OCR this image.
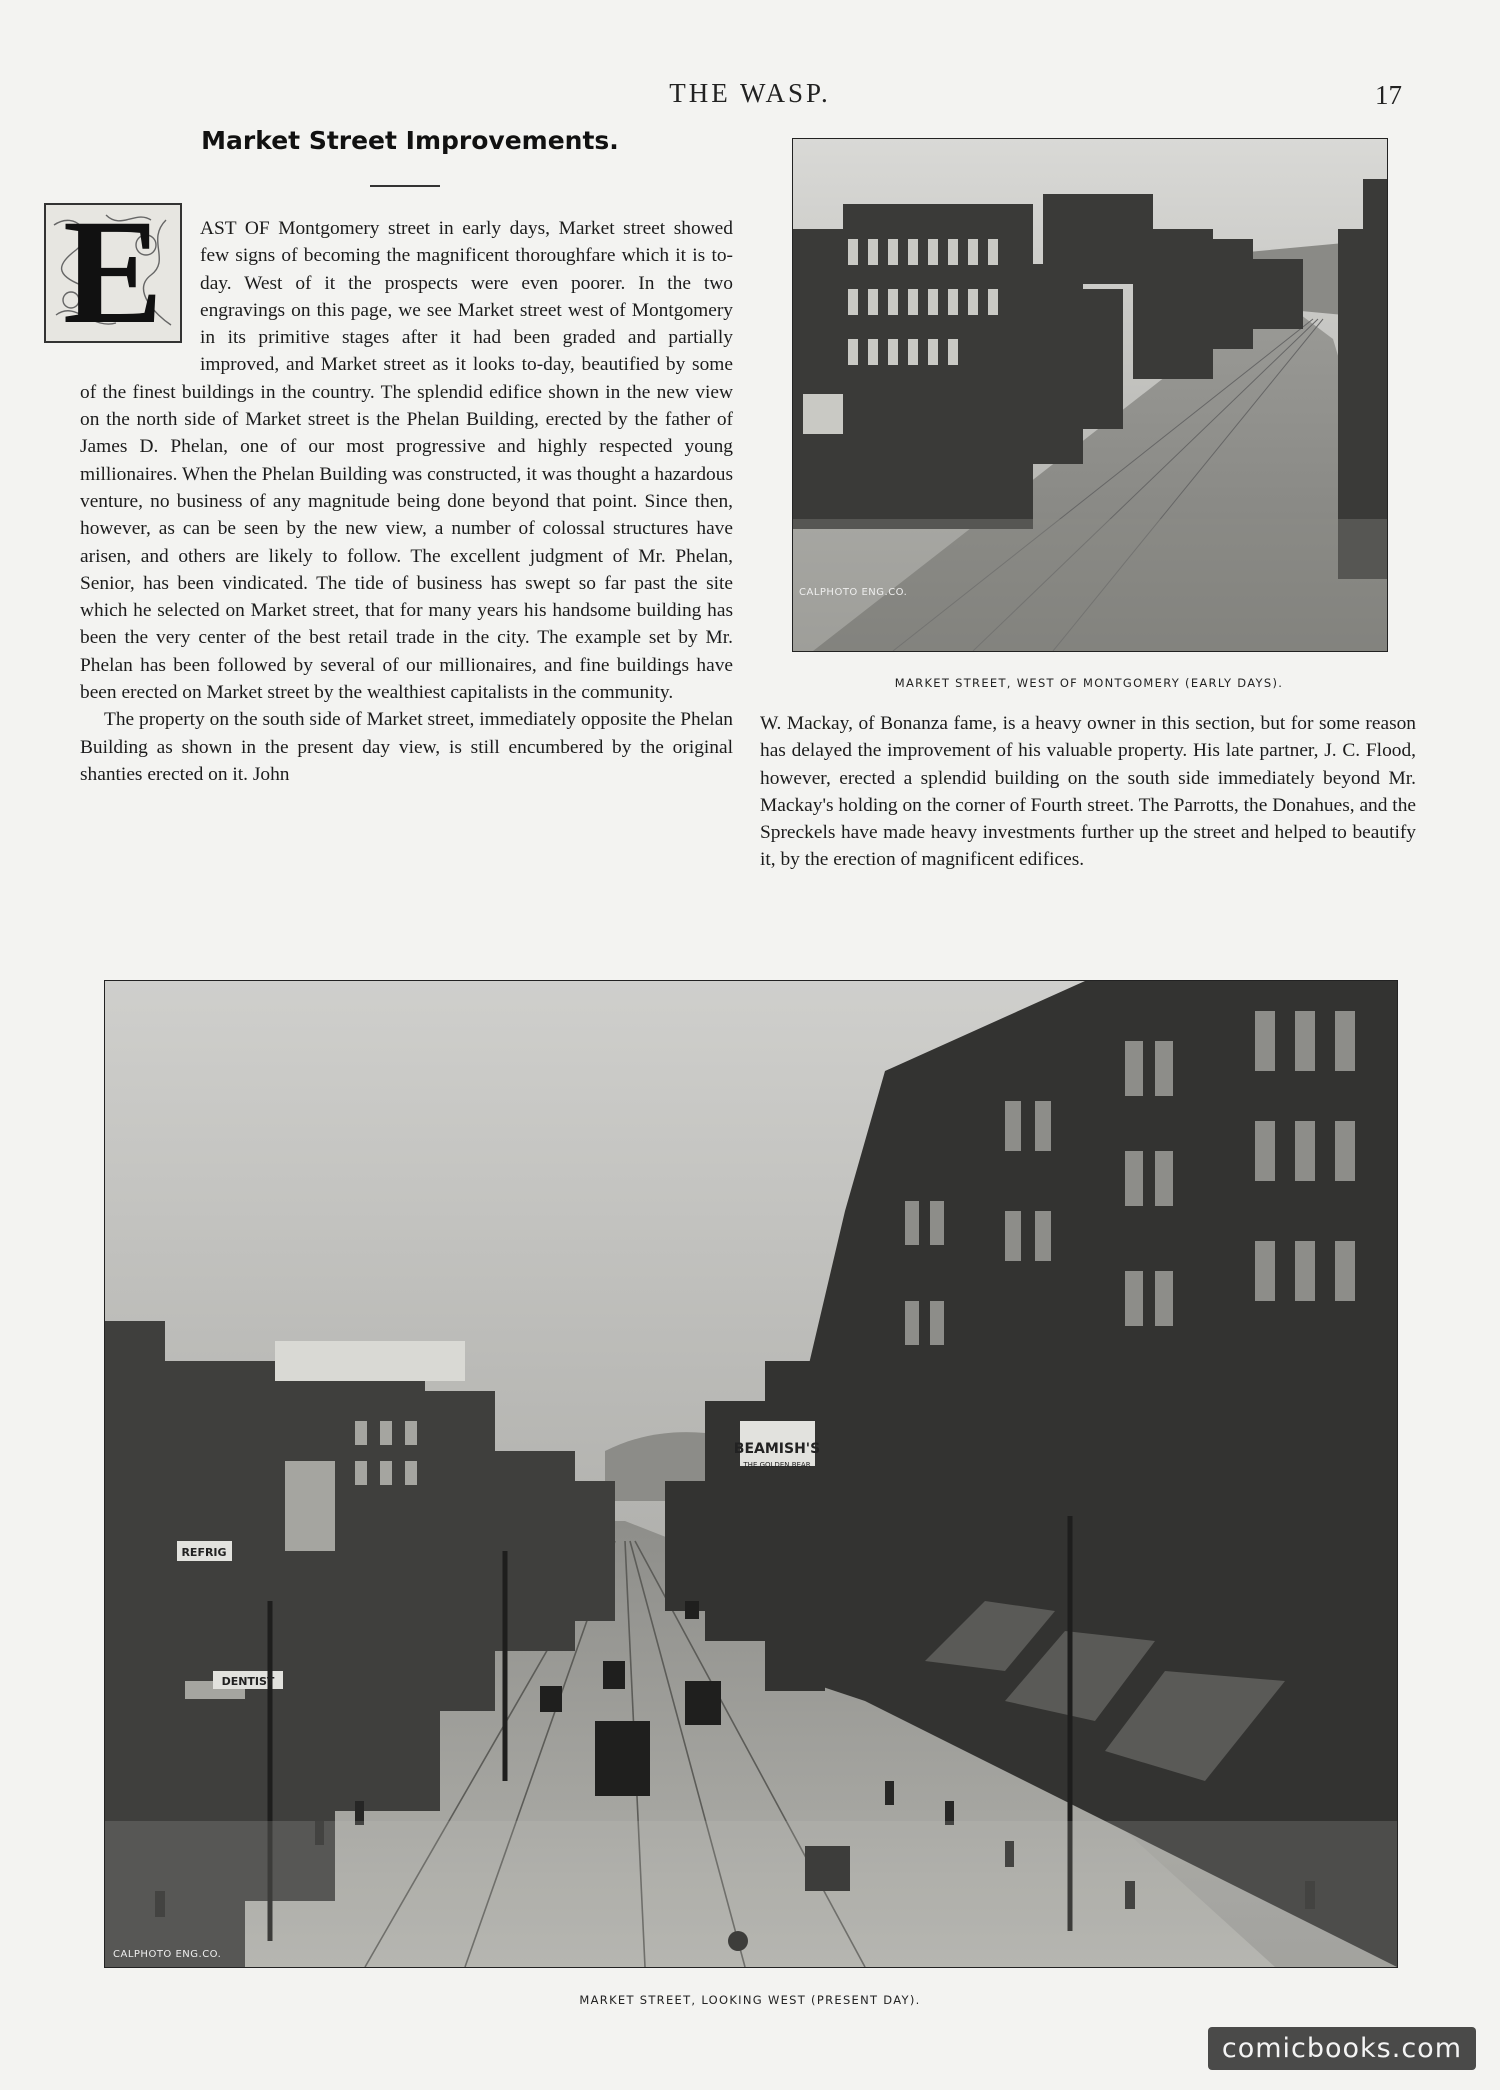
THE WASP.	17
Market Street Improvements.
E	AST OF Montgomery street in early days, Market street showed few signs of becoming the magnificent thoroughfare which it is to-day. West of it the prospects were even poorer. In the two engravings on this page, we see Market street west of Montgomery in its primitive stages after it had been graded and partially improved, and Market street as it looks to-day, beautified by some of the finest buildings in the country. The splendid edifice shown in the new view on the north side of Market street is the Phelan Building, erected by the father of James D. Phelan, one of our most progressive and highly respected young millionaires. When the Phelan Building was constructed, it was thought a hazardous venture, no business of any magnitude being done beyond that point. Since then, however, as can be seen by the new view, a number of colossal structures have arisen, and others are likely to follow. The excellent judgment of Mr. Phelan, Senior, has been vindicated. The tide of business has swept so far past the site which he selected on Market street, that for many years his handsome building has been the very center of the best retail trade in the city. The example set by Mr. Phelan has been followed by several of our millionaires, and fine buildings have been erected on Market street by the wealthiest capitalists in the community.

The property on the south side of Market street, immediately opposite the Phelan Building as shown in the present day view, is still encumbered by the original shanties erected on it. John

CALPHOTO ENG.CO.
MARKET STREET, WEST OF MONTGOMERY (EARLY DAYS).

W. Mackay, of Bonanza fame, is a heavy owner in this section, but for some reason has delayed the improvement of his valuable property. His late partner, J. C. Flood, however, erected a splendid building on the south side immediately beyond Mr. Mackay's holding on the corner of Fourth street. The Parrotts, the Donahues, and the Spreckels have made heavy investments further up the street and helped to beautify it, by the erection of magnificent edifices.

BEAMISH'S
THE GOLDEN BEAR
REFRIG
DENTIST
CALPHOTO ENG.CO.
MARKET STREET, LOOKING WEST (PRESENT DAY).
comicbooks.com
